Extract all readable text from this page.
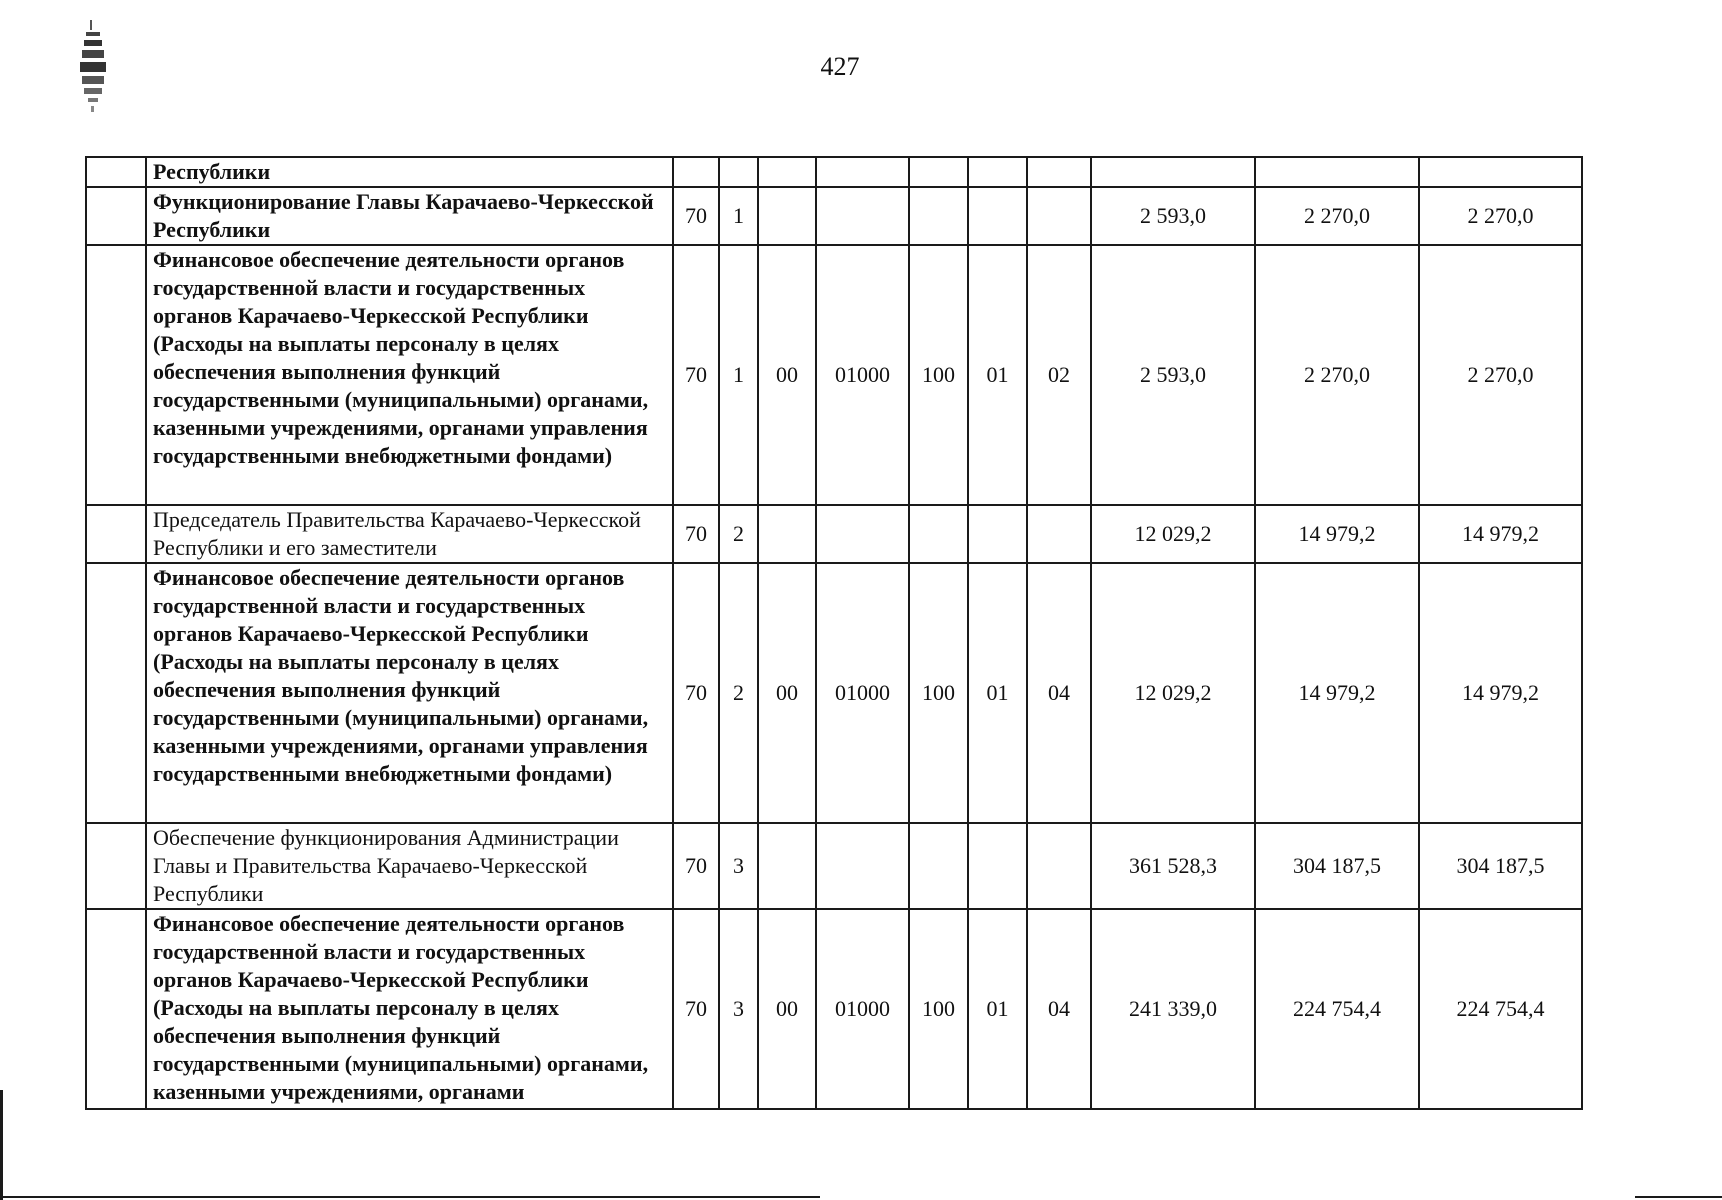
427
	Республики										
	Функционирование Главы Карачаево-Черкесской Республики	70	1						2 593,0	2 270,0	2 270,0
	Финансовое обеспечение деятельности органов государственной власти и государственных органов Карачаево-Черкесской Республики (Расходы на выплаты персоналу в целях обеспечения выполнения функций государственными (муниципальными) органами, казенными учреждениями, органами управления государственными внебюджетными фондами)	70	1	00	01000	100	01	02	2 593,0	2 270,0	2 270,0
	Председатель Правительства Карачаево-Черкесской Республики и его заместители	70	2						12 029,2	14 979,2	14 979,2
	Финансовое обеспечение деятельности органов государственной власти и государственных органов Карачаево-Черкесской Республики (Расходы на выплаты персоналу в целях обеспечения выполнения функций государственными (муниципальными) органами, казенными учреждениями, органами управления государственными внебюджетными фондами)	70	2	00	01000	100	01	04	12 029,2	14 979,2	14 979,2
	Обеспечение функционирования Администрации Главы и Правительства Карачаево-Черкесской Республики	70	3						361 528,3	304 187,5	304 187,5
	Финансовое обеспечение деятельности органов государственной власти и государственных органов Карачаево-Черкесской Республики (Расходы на выплаты персоналу в целях обеспечения выполнения функций государственными (муниципальными) органами, казенными учреждениями, органами	70	3	00	01000	100	01	04	241 339,0	224 754,4	224 754,4
